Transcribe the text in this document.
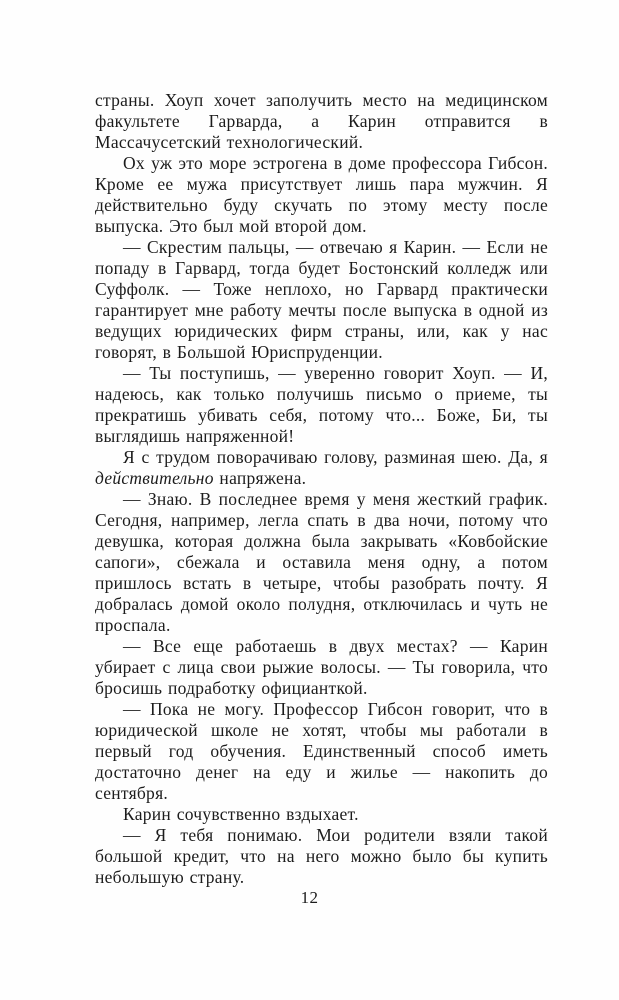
страны. Хоуп хочет заполучить место на медицинском факультете Гарварда, а Карин отправится в Массачусетский технологический.

Ох уж это море эстрогена в доме профессора Гибсон. Кроме ее мужа присутствует лишь пара мужчин. Я действительно буду скучать по этому месту после выпуска. Это был мой второй дом.

— Скрестим пальцы, — отвечаю я Карин. — Если не попаду в Гарвард, тогда будет Бостонский колледж или Суффолк. — Тоже неплохо, но Гарвард практически гарантирует мне работу мечты после выпуска в одной из ведущих юридических фирм страны, или, как у нас говорят, в Большой Юриспруденции.

— Ты поступишь, — уверенно говорит Хоуп. — И, надеюсь, как только получишь письмо о приеме, ты прекратишь убивать себя, потому что... Боже, Би, ты выглядишь напряженной!

Я с трудом поворачиваю голову, разминая шею. Да, я действительно напряжена.

— Знаю. В последнее время у меня жесткий график. Сегодня, например, легла спать в два ночи, потому что девушка, которая должна была закрывать «Ковбойские сапоги», сбежала и оставила меня одну, а потом пришлось встать в четыре, чтобы разобрать почту. Я добралась домой около полудня, отключилась и чуть не проспала.

— Все еще работаешь в двух местах? — Карин убирает с лица свои рыжие волосы. — Ты говорила, что бросишь подработку официанткой.

— Пока не могу. Профессор Гибсон говорит, что в юридической школе не хотят, чтобы мы работали в первый год обучения. Единственный способ иметь достаточно денег на еду и жилье — накопить до сентября.

Карин сочувственно вздыхает.

— Я тебя понимаю. Мои родители взяли такой большой кредит, что на него можно было бы купить небольшую страну.

12
